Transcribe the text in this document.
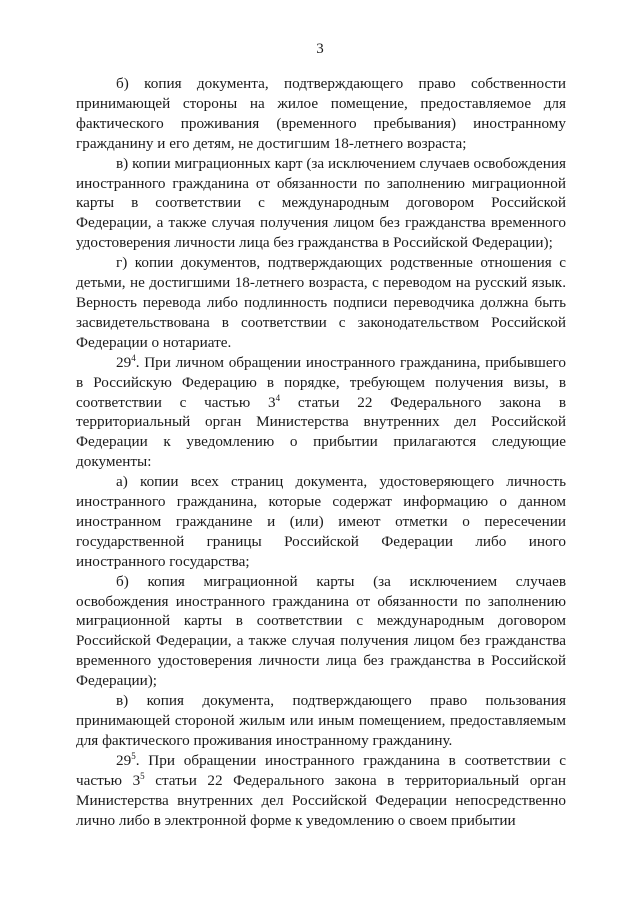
3

б) копия документа, подтверждающего право собственности принимающей стороны на жилое помещение, предоставляемое для фактического проживания (временного пребывания) иностранному гражданину и его детям, не достигшим 18-летнего возраста;

в) копии миграционных карт (за исключением случаев освобождения иностранного гражданина от обязанности по заполнению миграционной карты в соответствии с международным договором Российской Федерации, а также случая получения лицом без гражданства временного удостоверения личности лица без гражданства в Российской Федерации);

г) копии документов, подтверждающих родственные отношения с детьми, не достигшими 18-летнего возраста, с переводом на русский язык. Верность перевода либо подлинность подписи переводчика должна быть засвидетельствована в соответствии с законодательством Российской Федерации о нотариате.

$29^4$. При личном обращении иностранного гражданина, прибывшего в Российскую Федерацию в порядке, требующем получения визы, в соответствии с частью $3^4$ статьи 22 Федерального закона в территориальный орган Министерства внутренних дел Российской Федерации к уведомлению о прибытии прилагаются следующие документы:

а) копии всех страниц документа, удостоверяющего личность иностранного гражданина, которые содержат информацию о данном иностранном гражданине и (или) имеют отметки о пересечении государственной границы Российской Федерации либо иного иностранного государства;

б) копия миграционной карты (за исключением случаев освобождения иностранного гражданина от обязанности по заполнению миграционной карты в соответствии с международным договором Российской Федерации, а также случая получения лицом без гражданства временного удостоверения личности лица без гражданства в Российской Федерации);

в) копия документа, подтверждающего право пользования принимающей стороной жилым или иным помещением, предоставляемым для фактического проживания иностранному гражданину.

$29^5$. При обращении иностранного гражданина в соответствии с частью $3^5$ статьи 22 Федерального закона в территориальный орган Министерства внутренних дел Российской Федерации непосредственно лично либо в электронной форме к уведомлению о своем прибытии
